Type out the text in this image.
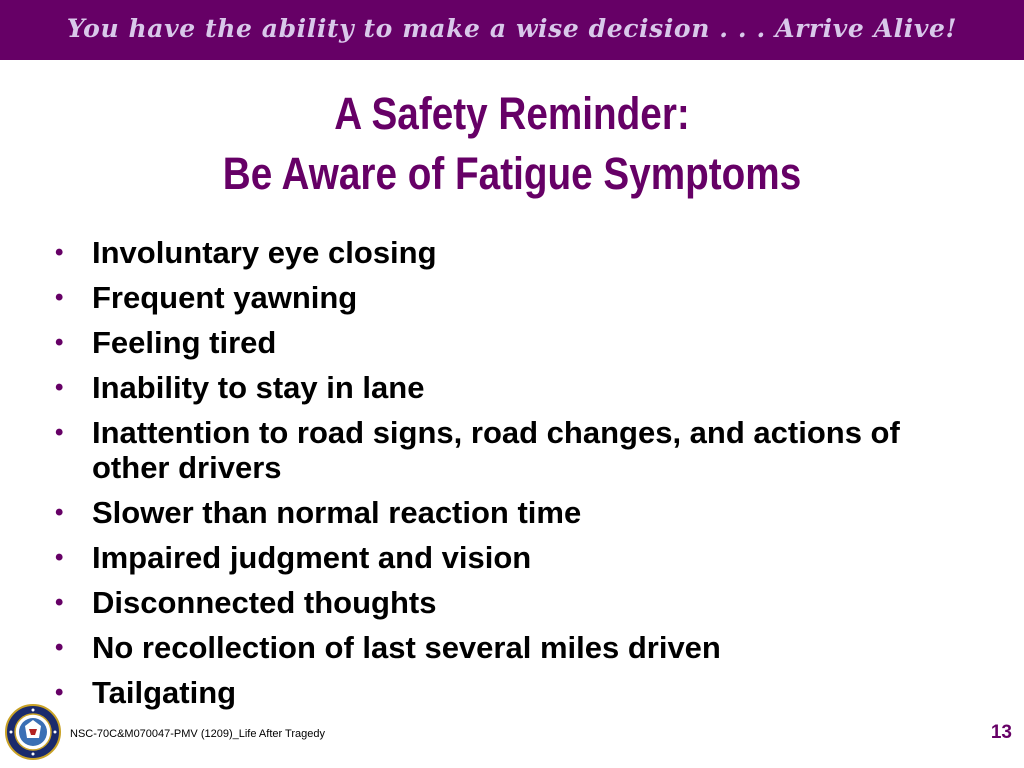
You have the ability to make a wise decision . . . Arrive Alive!
A Safety Reminder:
Be Aware of Fatigue Symptoms
• Involuntary eye closing
• Frequent yawning
• Feeling tired
• Inability to stay in lane
• Inattention to road signs, road changes, and actions of other drivers
• Slower than normal reaction time
• Impaired judgment and vision
• Disconnected thoughts
• No recollection of last several miles driven
• Tailgating
NSC-70C&M070047-PMV (1209)_Life After Tragedy	13
